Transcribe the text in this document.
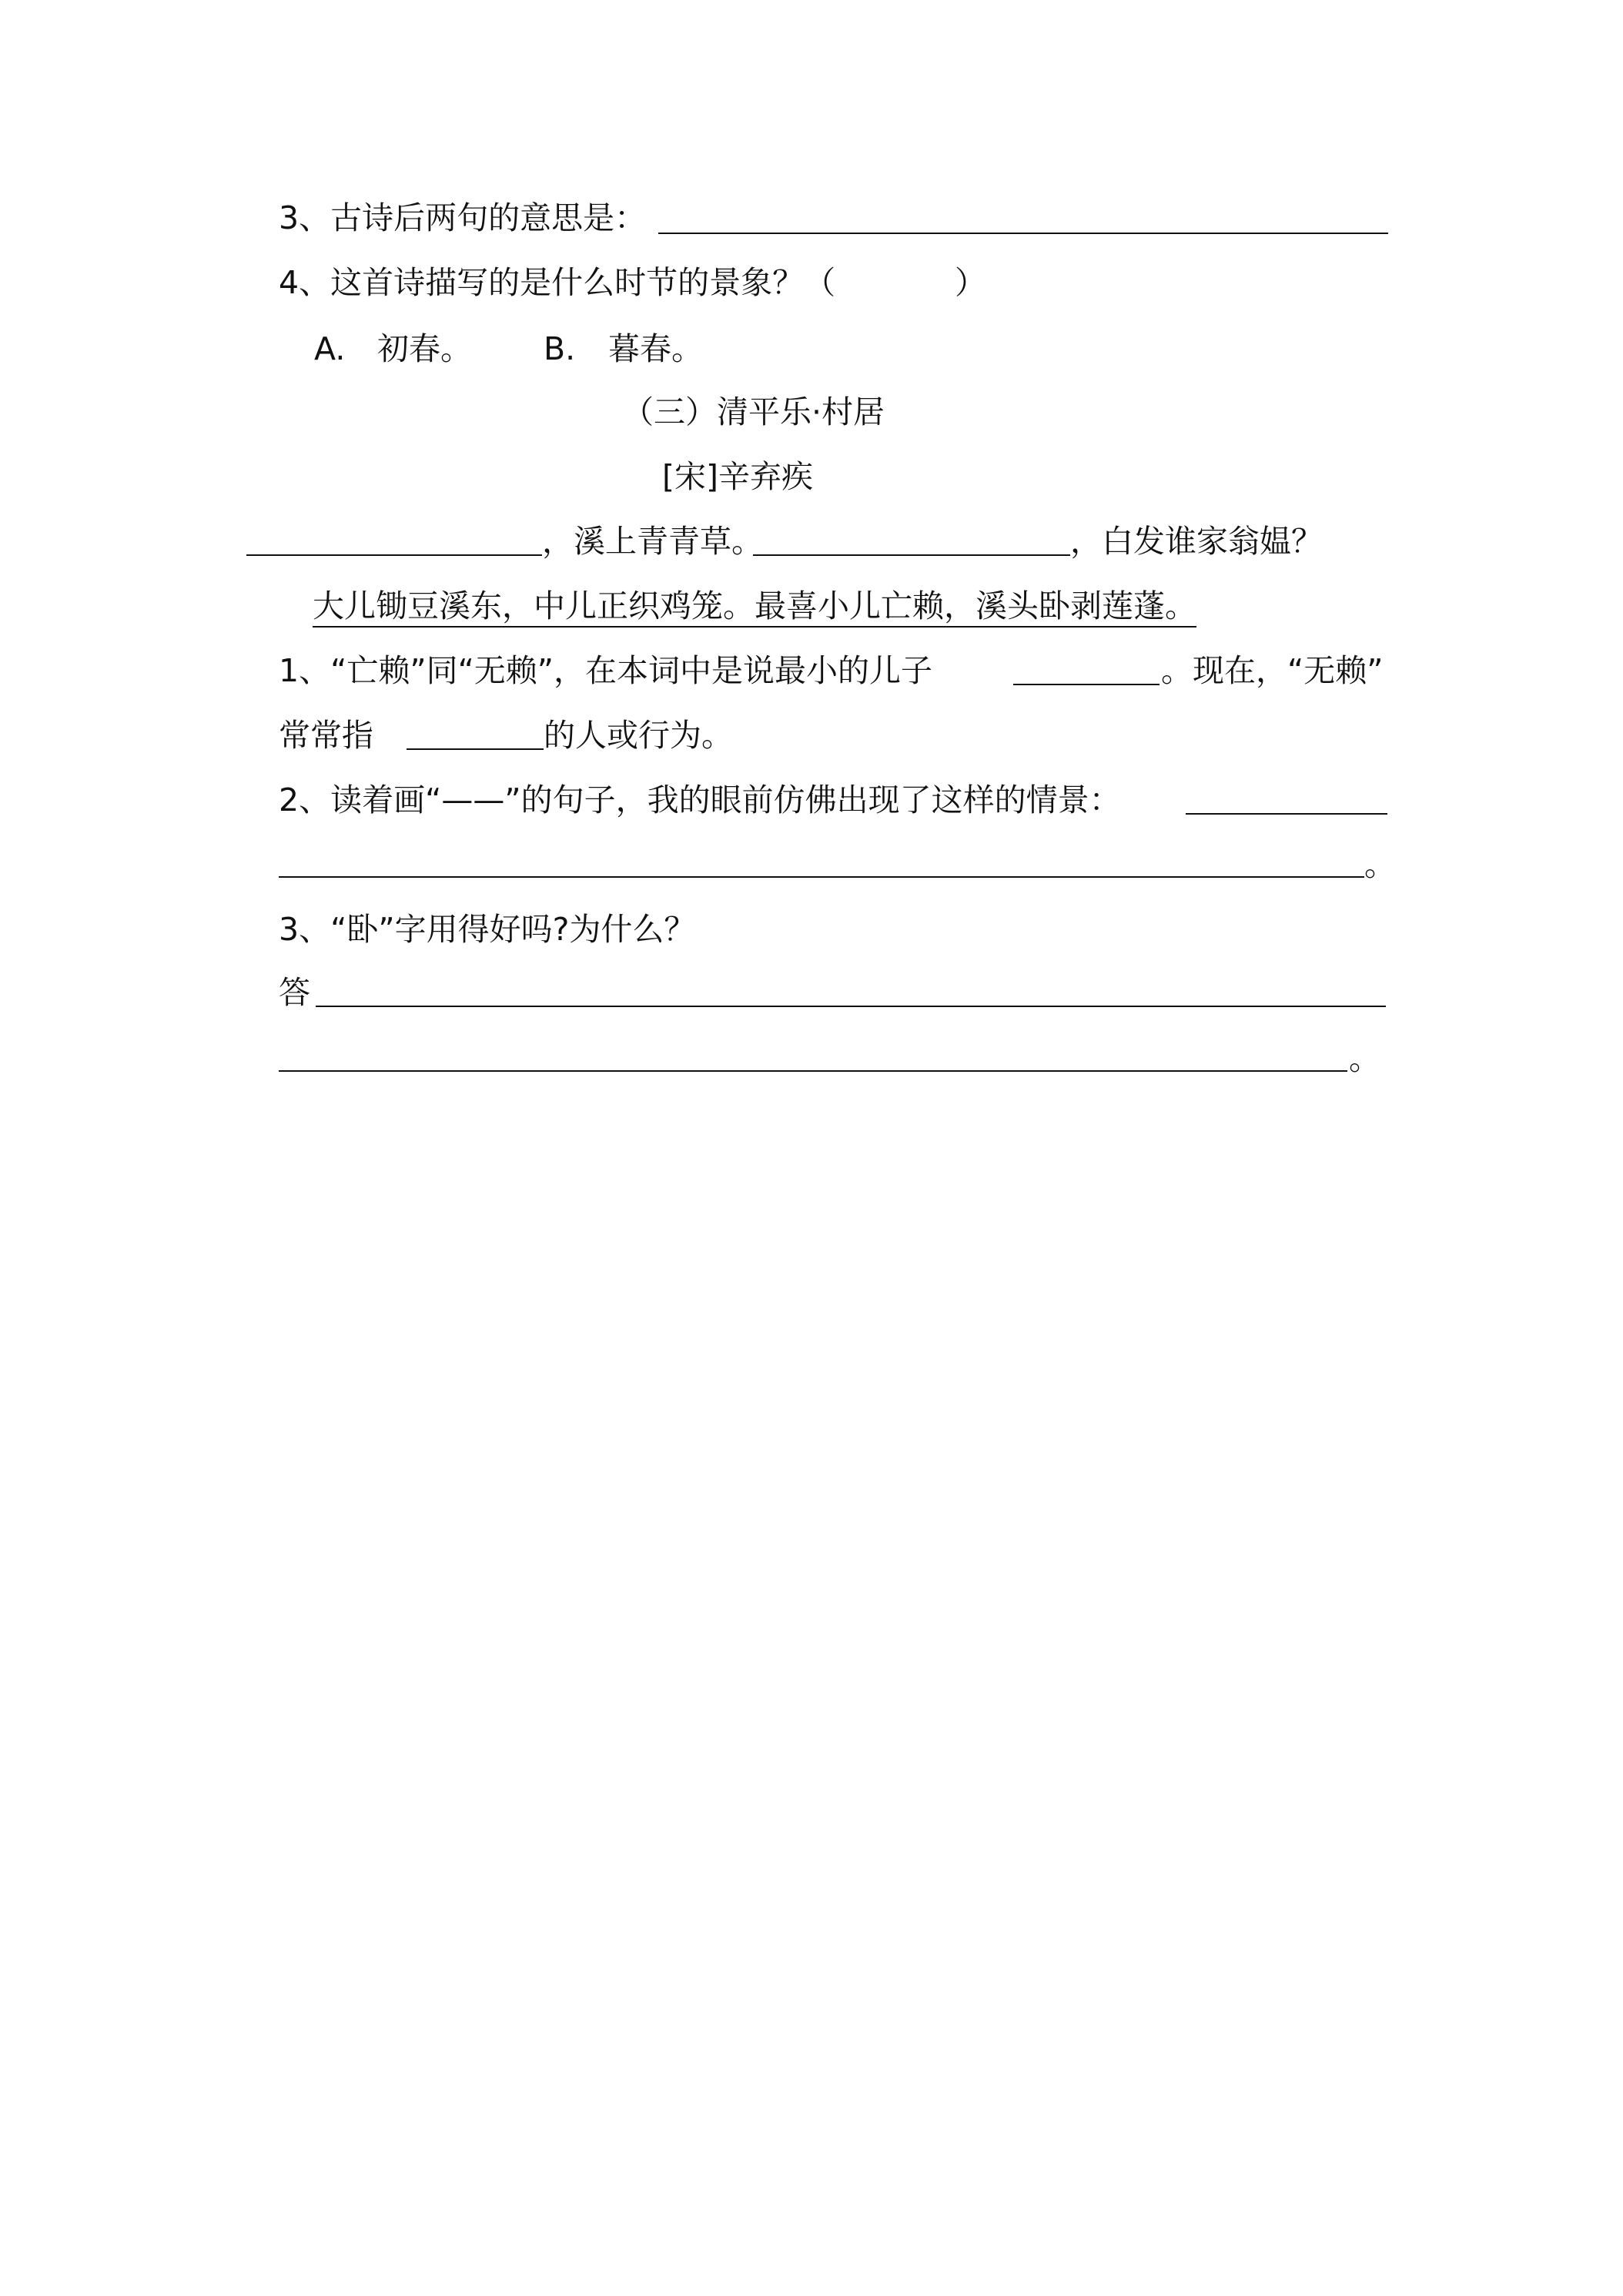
3、古诗后两句的意思是：
4、这首诗描写的是什么时节的景象？（	）
A. 初春。 B. 暮春。
（三）清平乐·村居
[宋]辛弃疾
，溪上青青草。	，白发谁家翁媪？
大儿锄豆溪东，中儿正织鸡笼。最喜小儿亡赖，溪头卧剥莲蓬。
1、“亡赖”同“无赖”，在本词中是说最小的儿子	。现在，“无赖”
常常指	的人或行为。
2、读着画“——”的句子，我的眼前仿佛出现了这样的情景：
。
3、“卧”字用得好吗?为什么？
答
。
